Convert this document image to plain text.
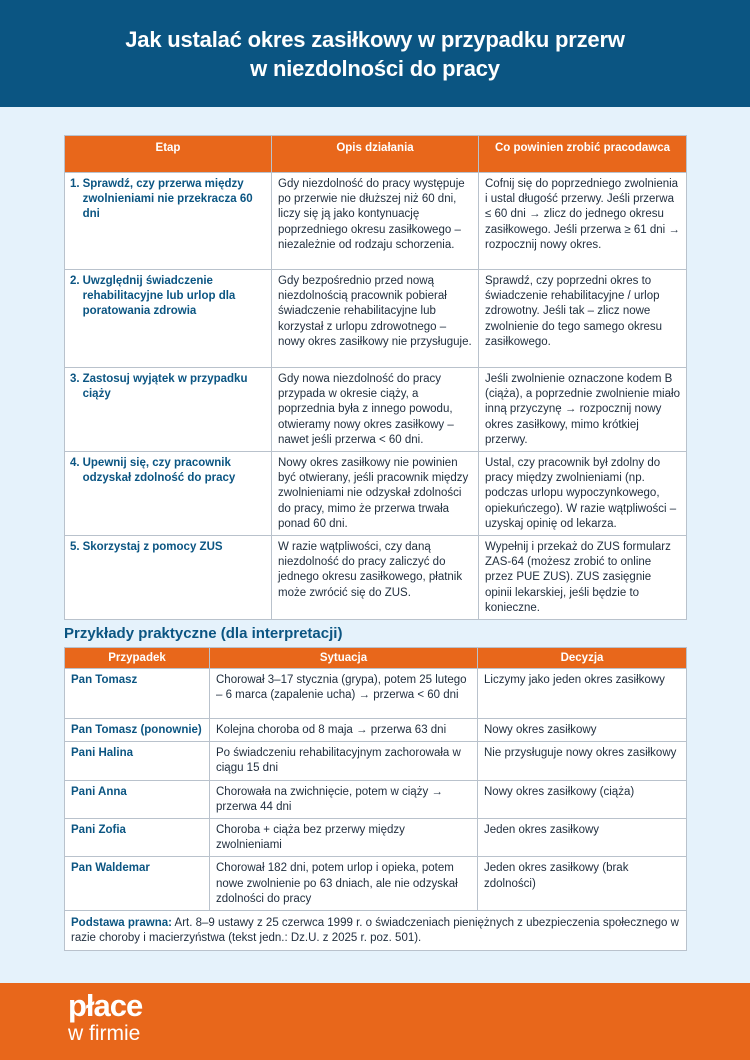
Jak ustalać okres zasiłkowy w przypadku przerw
w niezdolności do pracy
Etap	Opis działania	Co powinien zrobić pracodawca

1. Sprawdź, czy przerwa między zwolnieniami nie przekracza 60 dni	Gdy niezdolność do pracy występuje po przerwie nie dłuższej niż 60 dni, liczy się ją jako kontynuację poprzedniego okresu zasiłkowego – niezależnie od rodzaju schorzenia.	Cofnij się do poprzedniego zwolnienia i ustal długość przerwy. Jeśli przerwa ≤ 60 dni → zlicz do jednego okresu zasiłkowego. Jeśli przerwa ≥ 61 dni → rozpocznij nowy okres.

2. Uwzględnij świadczenie rehabilitacyjne lub urlop dla poratowania zdrowia	Gdy bezpośrednio przed nową niezdolnością pracownik pobierał świadczenie rehabilitacyjne lub korzystał z urlopu zdrowotnego – nowy okres zasiłkowy nie przysługuje.	Sprawdź, czy poprzedni okres to świadczenie rehabilitacyjne / urlop zdrowotny. Jeśli tak – zlicz nowe zwolnienie do tego samego okresu zasiłkowego.

3. Zastosuj wyjątek w przypadku ciąży	Gdy nowa niezdolność do pracy przypada w okresie ciąży, a poprzednia była z innego powodu, otwieramy nowy okres zasiłkowy – nawet jeśli przerwa < 60 dni.	Jeśli zwolnienie oznaczone kodem B (ciąża), a poprzednie zwolnienie miało inną przyczynę → rozpocznij nowy okres zasiłkowy, mimo krótkiej przerwy.

4. Upewnij się, czy pracownik odzyskał zdolność do pracy	Nowy okres zasiłkowy nie powinien być otwierany, jeśli pracownik między zwolnieniami nie odzyskał zdolności do pracy, mimo że przerwa trwała ponad 60 dni.	Ustal, czy pracownik był zdolny do pracy między zwolnieniami (np. podczas urlopu wypoczynkowego, opiekuńczego). W razie wątpliwości – uzyskaj opinię od lekarza.

5. Skorzystaj z pomocy ZUS	W razie wątpliwości, czy daną niezdolność do pracy zaliczyć do jednego okresu zasiłkowego, płatnik może zwrócić się do ZUS.	Wypełnij i przekaż do ZUS formularz ZAS-64 (możesz zrobić to online przez PUE ZUS). ZUS zasięgnie opinii lekarskiej, jeśli będzie to konieczne.
Przykłady praktyczne (dla interpretacji)
Przypadek	Sytuacja	Decyzja
Pan Tomasz	Chorował 3–17 stycznia (grypa), potem 25 lutego – 6 marca (zapalenie ucha) → przerwa < 60 dni	Liczymy jako jeden okres zasiłkowy
Pan Tomasz (ponownie)	Kolejna choroba od 8 maja → przerwa 63 dni	Nowy okres zasiłkowy
Pani Halina	Po świadczeniu rehabilitacyjnym zachorowała w ciągu 15 dni	Nie przysługuje nowy okres zasiłkowy
Pani Anna	Chorowała na zwichnięcie, potem w ciąży → przerwa 44 dni	Nowy okres zasiłkowy (ciąża)
Pani Zofia	Choroba + ciąża bez przerwy między zwolnieniami	Jeden okres zasiłkowy
Pan Waldemar	Chorował 182 dni, potem urlop i opieka, potem nowe zwolnienie po 63 dniach, ale nie odzyskał zdolności do pracy	Jeden okres zasiłkowy (brak zdolności)
Podstawa prawna: Art. 8–9 ustawy z 25 czerwca 1999 r. o świadczeniach pieniężnych z ubezpieczenia społecznego w razie choroby i macierzyństwa (tekst jedn.: Dz.U. z 2025 r. poz. 501).		
płace
w firmie
